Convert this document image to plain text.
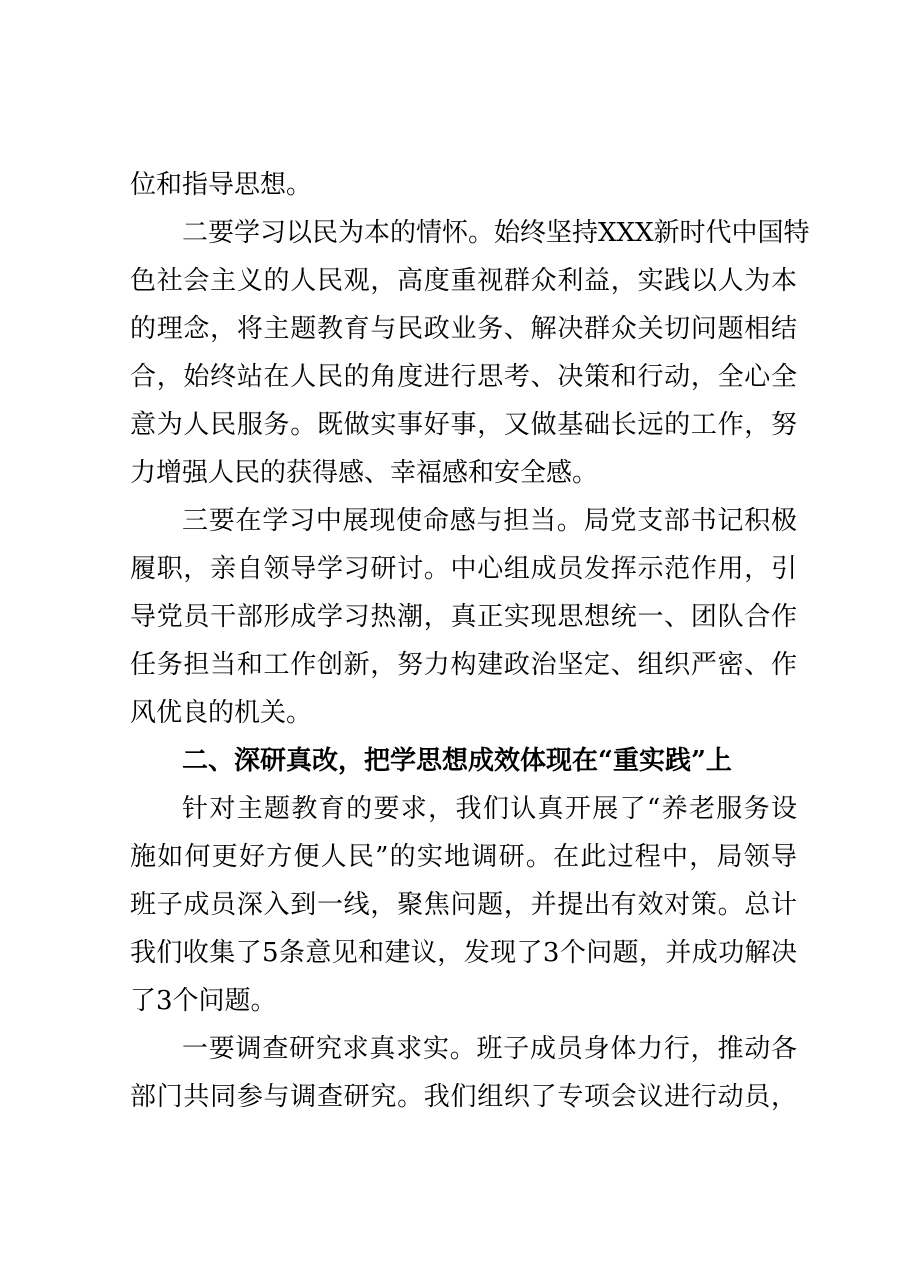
位和指导思想。
二要学习以民为本的情怀。始终坚持XXX新时代中国特
色社会主义的人民观，高度重视群众利益，实践以人为本
的理念，将主题教育与民政业务、解决群众关切问题相结
合，始终站在人民的角度进行思考、决策和行动，全心全
意为人民服务。既做实事好事，又做基础长远的工作，努
力增强人民的获得感、幸福感和安全感。
三要在学习中展现使命感与担当。局党支部书记积极
履职，亲自领导学习研讨。中心组成员发挥示范作用，引
导党员干部形成学习热潮，真正实现思想统一、团队合作
任务担当和工作创新，努力构建政治坚定、组织严密、作
风优良的机关。
二、深研真改，把学思想成效体现在“重实践”上
针对主题教育的要求，我们认真开展了“养老服务设
施如何更好方便人民”的实地调研。在此过程中，局领导
班子成员深入到一线，聚焦问题，并提出有效对策。总计
我们收集了5条意见和建议，发现了3个问题，并成功解决
了3个问题。
一要调查研究求真求实。班子成员身体力行，推动各
部门共同参与调查研究。我们组织了专项会议进行动员，
